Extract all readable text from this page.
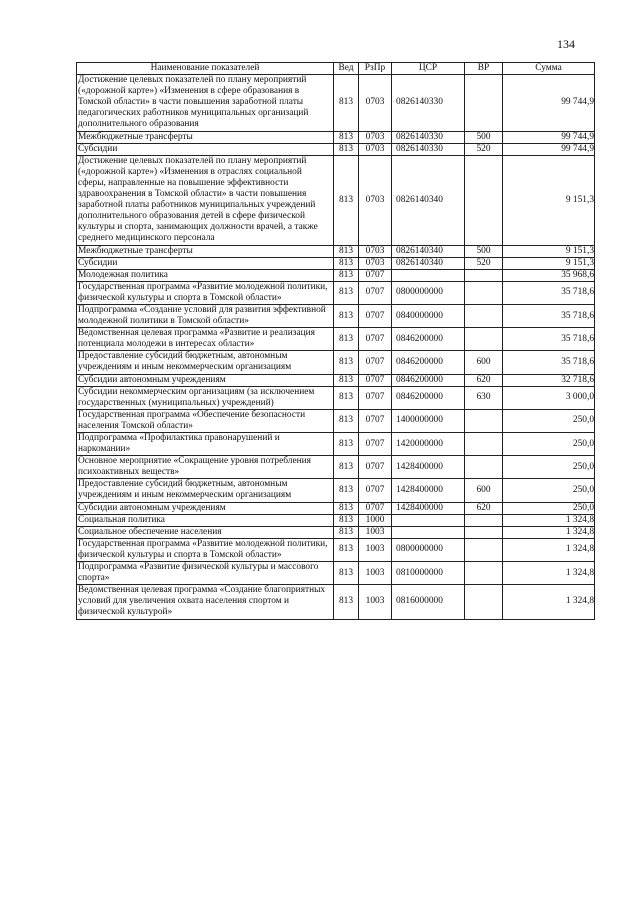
134
Наименование показателей	Вед	РзПр	ЦСР	ВР	Сумма
Достижение целевых показателей по плану мероприятий («дорожной карте») «Изменения в сфере образования в Томской области» в части повышения заработной платы педагогических работников муниципальных организаций дополнительного образования	813	0703	0826140330		99 744,9
Межбюджетные трансферты	813	0703	0826140330	500	99 744,9
Субсидии	813	0703	0826140330	520	99 744,9
Достижение целевых показателей по плану мероприятий («дорожной карте») «Изменения в отраслях социальной сферы, направленные на повышение эффективности здравоохранения в Томской области» в части повышения заработной платы работников муниципальных учреждений дополнительного образования детей в сфере физической культуры и спорта, занимающих должности врачей, а также среднего медицинского персонала	813	0703	0826140340		9 151,3
Межбюджетные трансферты	813	0703	0826140340	500	9 151,3
Субсидии	813	0703	0826140340	520	9 151,3
Молодежная политика	813	0707			35 968,6
Государственная программа «Развитие молодежной политики, физической культуры и спорта в Томской области»	813	0707	0800000000		35 718,6
Подпрограмма «Создание условий для развития эффективной молодежной политики в Томской области»	813	0707	0840000000		35 718,6
Ведомственная целевая программа «Развитие и реализация потенциала молодежи в интересах области»	813	0707	0846200000		35 718,6
Предоставление субсидий бюджетным, автономным учреждениям и иным некоммерческим организациям	813	0707	0846200000	600	35 718,6
Субсидии автономным учреждениям	813	0707	0846200000	620	32 718,6
Субсидии некоммерческим организациям (за исключением государственных (муниципальных) учреждений)	813	0707	0846200000	630	3 000,0
Государственная программа «Обеспечение безопасности населения Томской области»	813	0707	1400000000		250,0
Подпрограмма «Профилактика правонарушений и наркомании»	813	0707	1420000000		250,0
Основное мероприятие «Сокращение уровня потребления психоактивных веществ»	813	0707	1428400000		250,0
Предоставление субсидий бюджетным, автономным учреждениям и иным некоммерческим организациям	813	0707	1428400000	600	250,0
Субсидии автономным учреждениям	813	0707	1428400000	620	250,0
Социальная политика	813	1000			1 324,8
Социальное обеспечение населения	813	1003			1 324,8
Государственная программа «Развитие молодежной политики, физической культуры и спорта в Томской области»	813	1003	0800000000		1 324,8
Подпрограмма «Развитие физической культуры и массового спорта»	813	1003	0810000000		1 324,8
Ведомственная целевая программа «Создание благоприятных условий для увеличения охвата населения спортом и физической культурой»	813	1003	0816000000		1 324,8
